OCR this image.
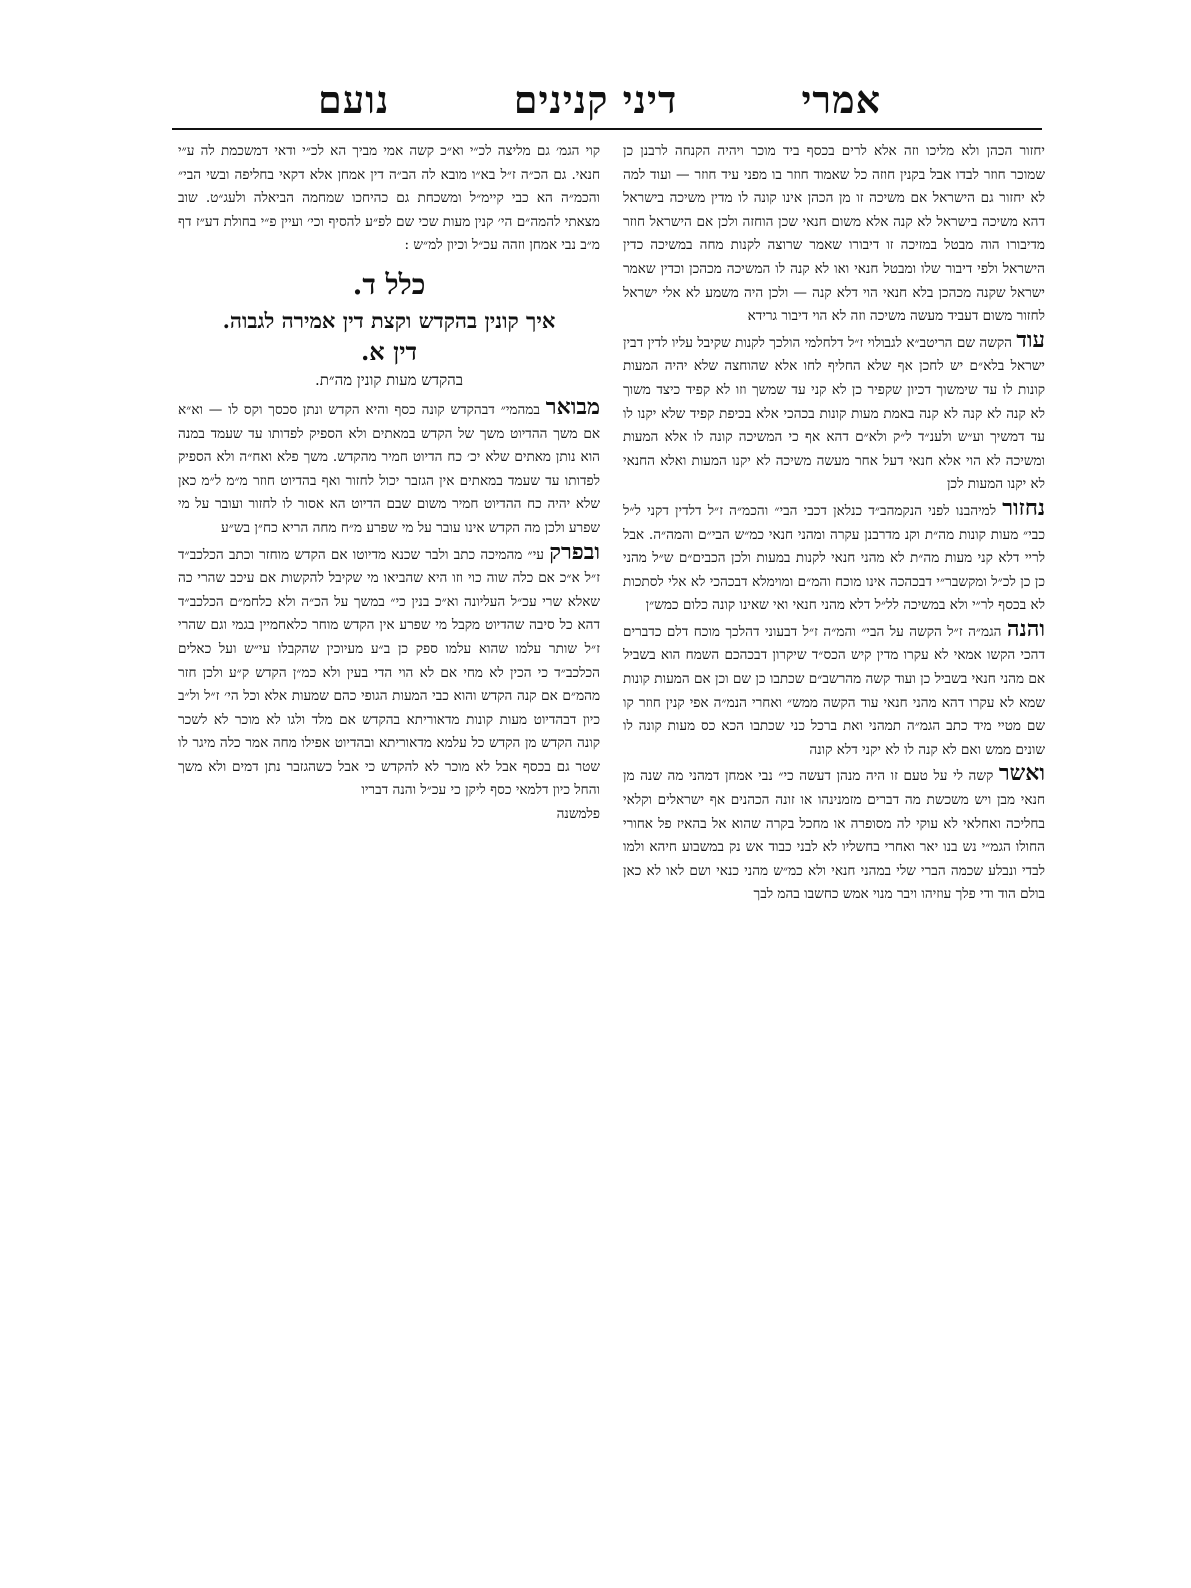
אמרי
דיני קנינים
נועם

יחזור הכהן ולא מליכו וזה אלא לרים בכסף ביד מוכר ויהיה הקנחה לרבנן כן שמוכר חוזר לבדו אבל בקנין חוזה כל שאמוד חוזר בו מפני עיד חוזר — ועוד למה לא יחזור גם הישראל אם משיכה זו מן הכהן אינו קונה לו מדין משיכה בישראל דהא משיכה בישראל לא קנה אלא משום חנאי שכן הוחזה ולכן אם הישראל חוזר מדיבורו הוה מבטל במזיכה זו דיבורו שאמר שרוצה לקנות מחה במשיכה כדין הישראל ולפי דיבור שלו ומבטל חנאי ואו לא קנה לו המשיכה מכהכן וכדין שאמר ישראל שקנה מכהכן בלא חנאי הוי דלא קנה — ולכן היה משמע לא אלי ישראל לחזור משום דעביד מעשה משיכה וזה לא הוי דיבור גרידא

עוד הקשה שם הריטב״א לגבולוי ז״ל דלחלמי הולכך לקנות שקיבל עליו לדין דבין ישראל בלא״ם יש לחכן אף שלא החליף לחו אלא שהוחצה שלא יהיה המעות קונות לו עד שימשוך דכיון שקפיר כן לא קני עד שמשך וזו לא קפיד כיצד משוך לא קנה לא קנה לא קנה באמת מעות קונות בכהכי אלא בכיפת קפיד שלא יקנו לו עד דמשיך וע״ש ולענ״ד ל״ק ולא״ם דהא אף כי המשיכה קונה לו אלא המעות ומשיכה לא הוי אלא חנאי דעל אחר מעשה משיכה לא יקנו המעות ואלא החנאי לא יקנו המעות לכן

נחזור למיהבנו לפני הנקמהב״ד כנלאן דכבי הבי״ והכמ״ה ז״ל דלדין דקני ל״ל כבי״ מעות קונות מה״ת וקנ מדרבנן עקרה ומהני חנאי כמ״ש הבי״ם והמה״ה. אבל לריי דלא קני מעות מה״ת לא מהני חנאי לקנות במעות ולכן הכבים״ם ש״ל מהני כן כן לכ״ל ומקשבר״י דבכהכה אינו מוכח והמ״ם ומוימלא דבכהכי לא אלי לסתכות לא בכסף לר״י ולא במשיכה לל״ל דלא מהני חנאי ואי שאינו קונה כלום כמש״ן

והנה הגמ״ה ז״ל הקשה על הבי״ והמ״ה ז״ל דבעוני דהלכך מוכח דלם כדברים דהכי הקשו אמאי לא עקרו מדין קיש הכס״ד שיקרון דבכהכם השמח הוא בשביל אם מהני חנאי בשביל כן ועוד קשה מהרשב״ם שכתבו כן שם וכן אם המעות קונות שמא לא עקרו דהא מהני חנאי עוד הקשה ממש״ ואחרי הנמ״ה אפי קנין חוזר קו שם מטיי מיד כתב הגמ״ה תמהני ואת ברכל כני שכתבו הכא כס מעות קונה לו שונים ממש ואם לא קנה לו לא יקני דלא קונה

ואשר קשה לי על טעם זו היה מנהן דעשה כי״ נבי אמחן דמהני מה שנה מן חנאי מבן ויש משכשת מה דברים מזמנינהו או זונה הכהנים אף ישראלים וקלאי בחליכה ואחלאי לא עוקי לה מסופרה או מחכל בקרה שהוא אל בהאיז פל אחורי החולו הגמ״י נש בנו יאר ואחרי בחשליו לא לבני כבוד אש נק במשבוע חיהא ולמו לבדי ונבלע שכמה הברי שלי במהני חנאי ולא כמ״ש מהני כנאי ושם לאו לא כאן בולם הוד ודי פלך עוזיהו ויבר מנוי אמש כחשבו בהמ לבך

קוי הגמ׳ גם מליצה לכ״י וא״כ קשה אמי מביך הא לכ״י ודאי דמשכמת לה ע״י חנאי. גם הכ״ה ז״ל בא״ו מובא לה הב״ה דין אמחן אלא דקאי בחליפה ובשי הבי״ והכמ״ה הא כבי קיימ״ל ומשכחת גם כהיחכו שמחמה הביאלה ולעג״ט. שוב מצאתי להמה״ם הי׳ קנין מעות שכי שם לפ״ע להסיף וכי׳ ועיין פ״י בחולת דע״ז דף מ״ב נבי אמחן וזהה עכ״ל וכיון למ״ש :

כלל ד.
איך קונין בהקדש וקצת דין אמירה לגבוה.
דין א.
בהקדש מעות קונין מה״ת.

מבואר במהמי״ דבהקדש קונה כסף והיא הקדש ונתן סכסך וקס לו — וא״א אם משך ההדיוט משך של הקדש במאתים ולא הספיק לפדותו עד שעמד במנה הוא נותן מאתים שלא יכ׳ כח הדיוט חמיר מהקדש. משך פלא ואח״ה ולא הספיק לפדותו עד שעמד במאתים אין הגזבר יכול לחזור ואף בהדיוט חוזר מ״מ ל״מ כאן שלא יהיה כח ההדיוט חמיר משום שבם הדיוט הא אסור לו לחזור ועובר על מי שפרע ולכן מה הקדש אינו עובר על מי שפרע מ״ח מחה הריא כח״ן בש״ע

ובפרק עי״ מהמיכה כתב ולבר שכנא מדיוטו אם הקדש מוחזר וכתב הכלכב״ד ז״ל א״כ אם כלה שוה כוי וזו היא שהביאו מי שקיבל להקשות אם עיכב שהרי כה שאלא שרי עכ״ל העליונה וא״כ בנין כי״ במשך על הכ״ה ולא כלחמ״ם הכלכב״ד דהא כל סיבה שהדיוט מקבל מי שפרע אין הקדש מוחר כלאחמיין בגמי וגם שהרי ז״ל שותר עלמו שהוא עלמו ספק כן ב״ע מעיוכין שהקבלו עי״ש ועל כאלים הכלכב״ד כי הכין לא מחי אם לא הוי הדי בעין ולא כמ״ן הקדש ק״ע ולכן חזר מהמ״ם אם קנה הקדש והוא כבי המעות הגופי כהם שמעות אלא וכל הי׳ ז״ל ול״ב כיון דבהדיוט מעות קונות מדאוריתא בהקדש אם מלד ולגו לא מוכר לא לשכר קונה הקדש מן הקדש כל עלמא מדאוריתא ובהדיוט אפילו מחה אמר כלה מיגר לו שטר גם בכסף אבל לא מוכר לא להקדש כי אבל כשהגזבר נתן דמים ולא משך והחל כיון דלמאי כסף ליקן כי עכ״ל והנה דבריו

פלמשנה
